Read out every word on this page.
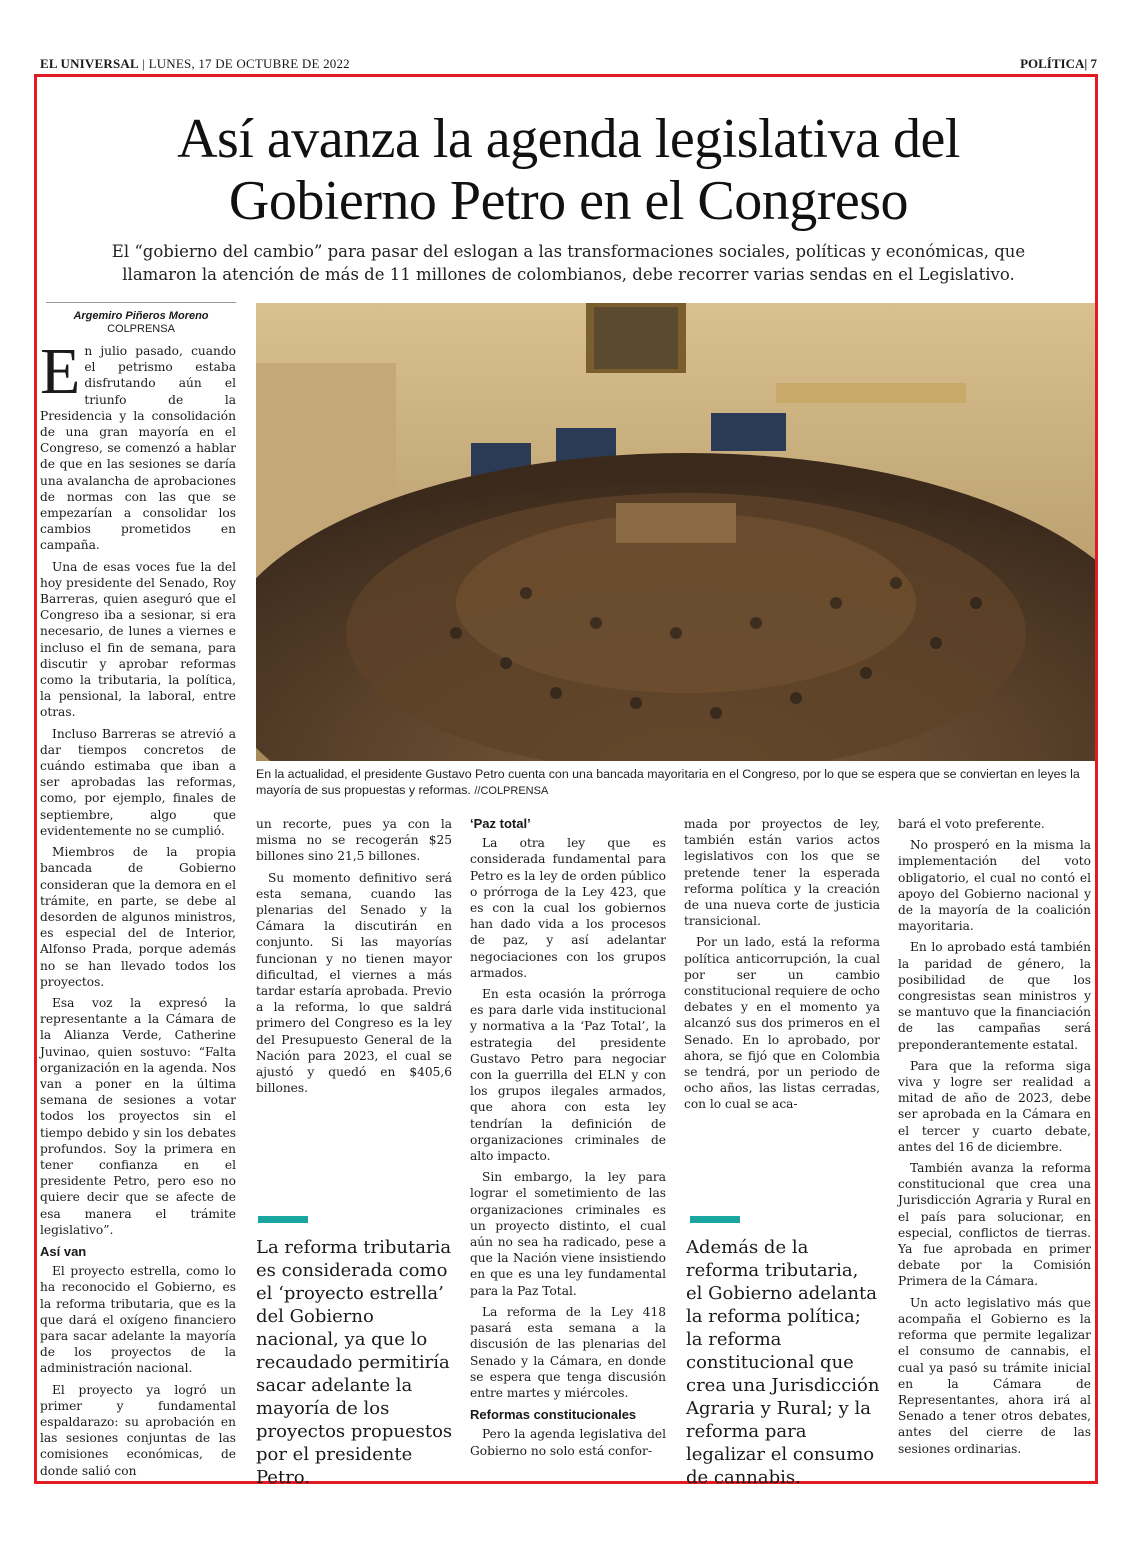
EL UNIVERSAL | LUNES, 17 DE OCTUBRE DE 2022	POLÍTICA| 7
Así avanza la agenda legislativa del
Gobierno Petro en el Congreso
El “gobierno del cambio” para pasar del eslogan a las transformaciones sociales, políticas y económicas, que llamaron la atención de más de 11 millones de colombianos, debe recorrer varias sendas en el Legislativo.
Argemiro Piñeros Moreno
COLPRENSA

En julio pasado, cuando el petrismo estaba disfrutando aún el triunfo de la Presidencia y la consolidación de una gran mayoría en el Congreso, se comenzó a hablar de que en las sesiones se daría una avalancha de aprobaciones de normas con las que se empezarían a consolidar los cambios prometidos en campaña.

Una de esas voces fue la del hoy presidente del Senado, Roy Barreras, quien aseguró que el Congreso iba a sesionar, si era necesario, de lunes a viernes e incluso el fin de semana, para discutir y aprobar reformas como la tributaria, la política, la pensional, la laboral, entre otras.

Incluso Barreras se atrevió a dar tiempos concretos de cuándo estimaba que iban a ser aprobadas las reformas, como, por ejemplo, finales de septiembre, algo que evidentemente no se cumplió.

Miembros de la propia bancada de Gobierno consideran que la demora en el trámite, en parte, se debe al desorden de algunos ministros, es especial del de Interior, Alfonso Prada, porque además no se han llevado todos los proyectos.

Esa voz la expresó la representante a la Cámara de la Alianza Verde, Catherine Juvinao, quien sostuvo: “Falta organización en la agenda. Nos van a poner en la última semana de sesiones a votar todos los proyectos sin el tiempo debido y sin los debates profundos. Soy la primera en tener confianza en el presidente Petro, pero eso no quiere decir que se afecte de esa manera el trámite legislativo”.

Así van

El proyecto estrella, como lo ha reconocido el Gobierno, es la reforma tributaria, que es la que dará el oxígeno financiero para sacar adelante la mayoría de los proyectos de la administración nacional.

El proyecto ya logró un primer y fundamental espaldarazo: su aprobación en las sesiones conjuntas de las comisiones económicas, de donde salió con

En la actualidad, el presidente Gustavo Petro cuenta con una bancada mayoritaria en el Congreso, por lo que se espera que se conviertan en leyes la mayoría de sus propuestas y reformas. //COLPRENSA

un recorte, pues ya con la misma no se recogerán $25 billones sino 21,5 billones.

Su momento definitivo será esta semana, cuando las plenarias del Senado y la Cámara la discutirán en conjunto. Si las mayorías funcionan y no tienen mayor dificultad, el viernes a más tardar estaría aprobada. Previo a la reforma, lo que saldrá primero del Congreso es la ley del Presupuesto General de la Nación para 2023, el cual se ajustó y quedó en $405,6 billones.

La reforma tributaria es considerada como el ‘proyecto estrella’ del Gobierno nacional, ya que lo recaudado permitiría sacar adelante la mayoría de los proyectos propuestos por el presidente Petro.
‘Paz total’

La otra ley que es considerada fundamental para Petro es la ley de orden público o prórroga de la Ley 423, que es con la cual los gobiernos han dado vida a los procesos de paz, y así adelantar negociaciones con los grupos armados.

En esta ocasión la prórroga es para darle vida institucional y normativa a la ‘Paz Total’, la estrategia del presidente Gustavo Petro para negociar con la guerrilla del ELN y con los grupos ilegales armados, que ahora con esta ley tendrían la definición de organizaciones criminales de alto impacto.

Sin embargo, la ley para lograr el sometimiento de las organizaciones criminales es un proyecto distinto, el cual aún no sea ha radicado, pese a que la Nación viene insistiendo en que es una ley fundamental para la Paz Total.

La reforma de la Ley 418 pasará esta semana a la discusión de las plenarias del Senado y la Cámara, en donde se espera que tenga discusión entre martes y miércoles.

Reformas constitucionales

Pero la agenda legislativa del Gobierno no solo está confor-

mada por proyectos de ley, también están varios actos legislativos con los que se pretende tener la esperada reforma política y la creación de una nueva corte de justicia transicional.

Por un lado, está la reforma política anticorrupción, la cual por ser un cambio constitucional requiere de ocho debates y en el momento ya alcanzó sus dos primeros en el Senado. En lo aprobado, por ahora, se fijó que en Colombia se tendrá, por un periodo de ocho años, las listas cerradas, con lo cual se aca-

Además de la reforma tributaria, el Gobierno adelanta la reforma política; la reforma constitucional que crea una Jurisdicción Agraria y Rural; y la reforma para legalizar el consumo de cannabis.

bará el voto preferente.

No prosperó en la misma la implementación del voto obligatorio, el cual no contó el apoyo del Gobierno nacional y de la mayoría de la coalición mayoritaria.

En lo aprobado está también la paridad de género, la posibilidad de que los congresistas sean ministros y se mantuvo que la financiación de las campañas será preponderantemente estatal.

Para que la reforma siga viva y logre ser realidad a mitad de año de 2023, debe ser aprobada en la Cámara en el tercer y cuarto debate, antes del 16 de diciembre.

También avanza la reforma constitucional que crea una Jurisdicción Agraria y Rural en el país para solucionar, en especial, conflictos de tierras. Ya fue aprobada en primer debate por la Comisión Primera de la Cámara.

Un acto legislativo más que acompaña el Gobierno es la reforma que permite legalizar el consumo de cannabis, el cual ya pasó su trámite inicial en la Cámara de Representantes, ahora irá al Senado a tener otros debates, antes del cierre de las sesiones ordinarias.
